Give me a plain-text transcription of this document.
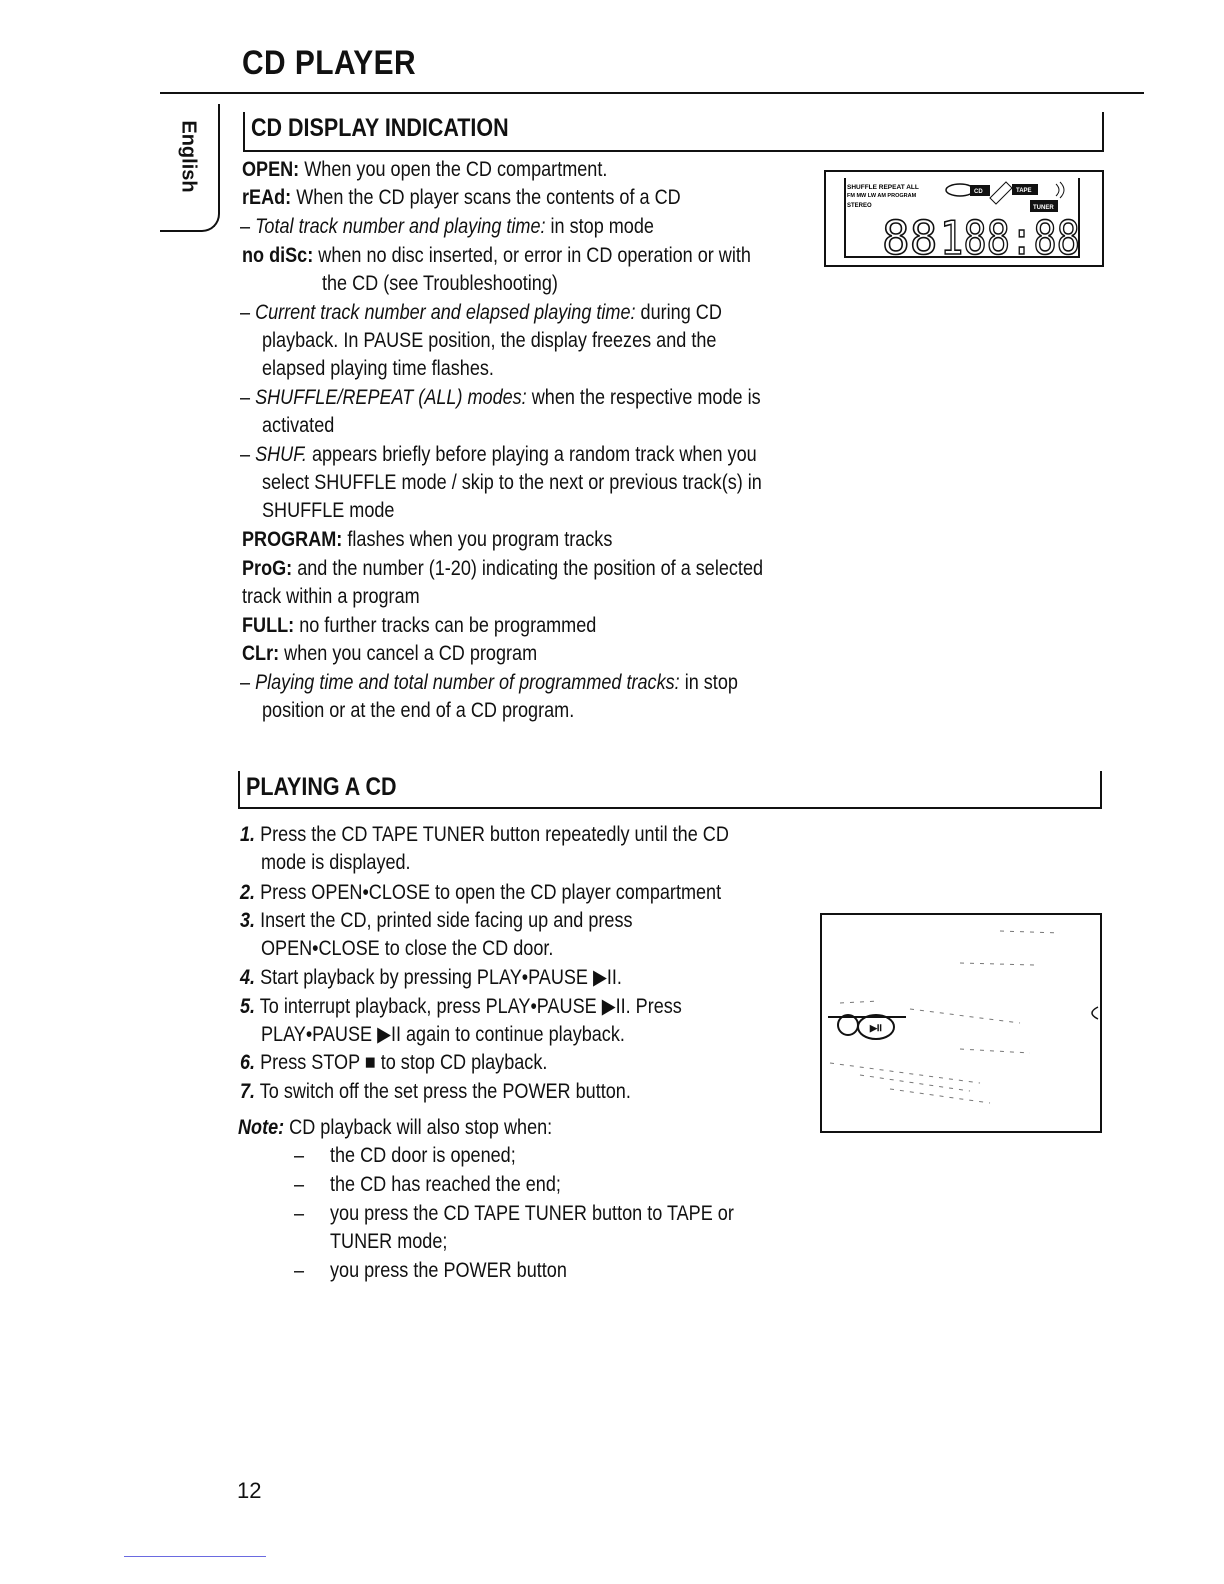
CD PLAYER
English CD DISPLAY INDICATION
OPEN: When you open the CD compartment.
rEAd: When the CD player scans the contents of a CD
– Total track number and playing time: in stop mode
no diSc: when no disc inserted, or error in CD operation or with
the CD (see Troubleshooting)
– Current track number and elapsed playing time: during CD
playback. In PAUSE position, the display freezes and the
elapsed playing time flashes.
– SHUFFLE/REPEAT (ALL) modes: when the respective mode is
activated
– SHUF. appears briefly before playing a random track when you
select SHUFFLE mode / skip to the next or previous track(s) in
SHUFFLE mode
PROGRAM: flashes when you program tracks
ProG: and the number (1-20) indicating the position of a selected
track within a program
FULL: no further tracks can be programmed
CLr: when you cancel a CD program
– Playing time and total number of programmed tracks: in stop
position or at the end of a CD program.
SHUFFLE REPEAT ALL
FM MW LW AM PROGRAM
STEREO
CD	TAPE
TUNER
88 188:88
PLAYING A CD
1. Press the CD TAPE TUNER button repeatedly until the CD
mode is displayed.
2. Press OPEN•CLOSE to open the CD player compartment
3. Insert the CD, printed side facing up and press
OPEN•CLOSE to close the CD door.
4. Start playback by pressing PLAY•PAUSE ▶II.
5. To interrupt playback, press PLAY•PAUSE ▶II. Press
PLAY•PAUSE ▶II again to continue playback.
6. Press STOP ■ to stop CD playback.
7. To switch off the set press the POWER button.
Note: CD playback will also stop when:
– the CD door is opened;
– the CD has reached the end;
– you press the CD TAPE TUNER button to TAPE or
TUNER mode;
– you press the POWER button
▶II
12
